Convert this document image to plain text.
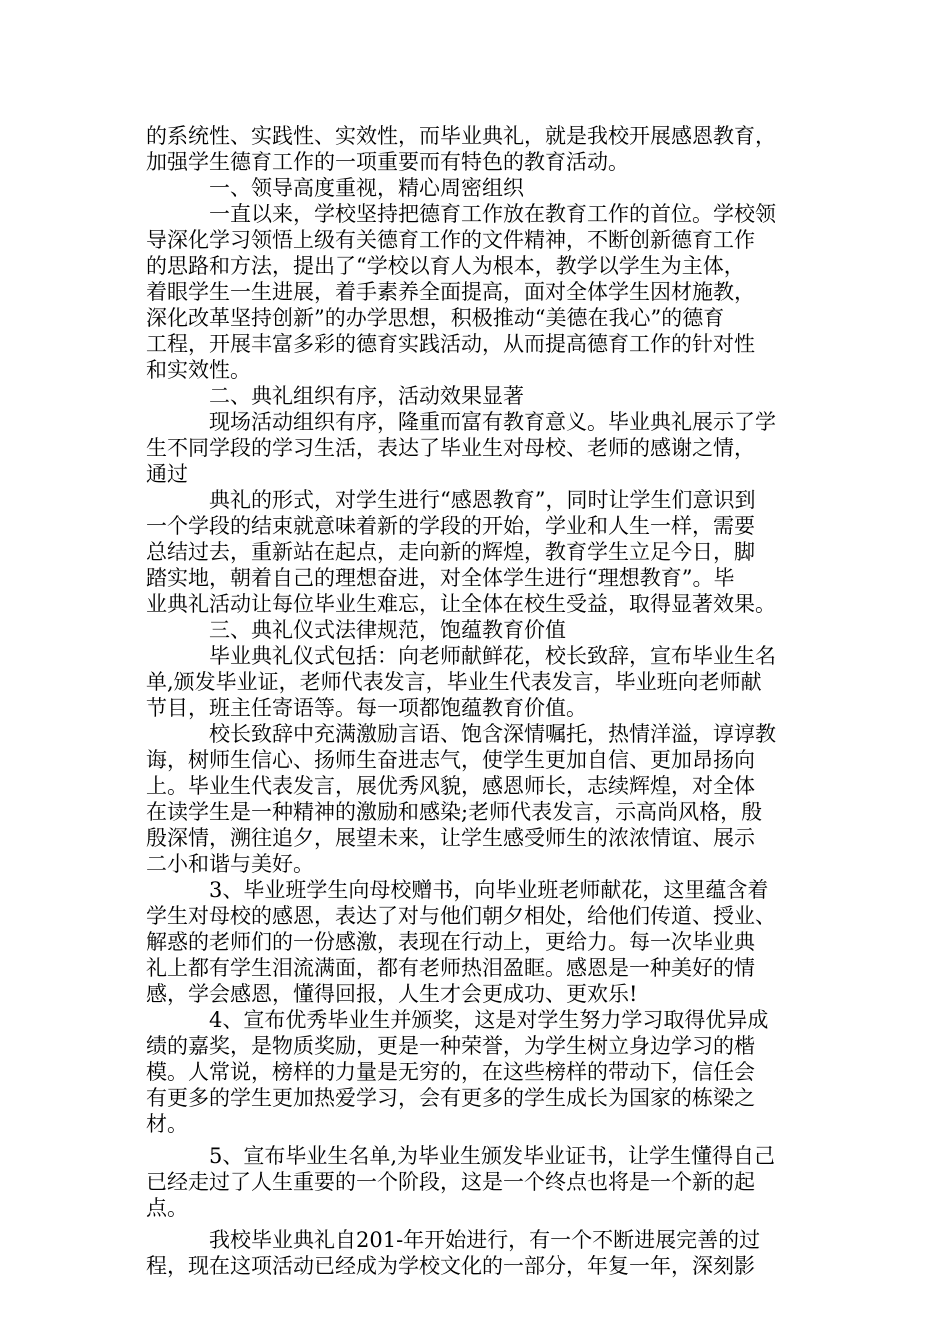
的系统性、实践性、实效性，而毕业典礼，就是我校开展感恩教育，
加强学生德育工作的一项重要而有特色的教育活动。
　　　一、领导高度重视，精心周密组织
　　　一直以来，学校坚持把德育工作放在教育工作的首位。学校领
导深化学习领悟上级有关德育工作的文件精神，不断创新德育工作
的思路和方法，提出了“学校以育人为根本，教学以学生为主体，
着眼学生一生进展，着手素养全面提高，面对全体学生因材施教，
深化改革坚持创新”的办学思想，积极推动“美德在我心”的德育
工程，开展丰富多彩的德育实践活动，从而提高德育工作的针对性
和实效性。
　　　二、典礼组织有序，活动效果显著
　　　现场活动组织有序，隆重而富有教育意义。毕业典礼展示了学
生不同学段的学习生活，表达了毕业生对母校、老师的感谢之情，
通过
　　　典礼的形式，对学生进行“感恩教育”，同时让学生们意识到
一个学段的结束就意味着新的学段的开始，学业和人生一样，需要
总结过去，重新站在起点，走向新的辉煌，教育学生立足今日，脚
踏实地，朝着自己的理想奋进，对全体学生进行“理想教育”。毕
业典礼活动让每位毕业生难忘，让全体在校生受益，取得显著效果。
　　　三、典礼仪式法律规范，饱蕴教育价值
　　　毕业典礼仪式包括：向老师献鲜花，校长致辞，宣布毕业生名
单,颁发毕业证，老师代表发言，毕业生代表发言，毕业班向老师献
节目，班主任寄语等。每一项都饱蕴教育价值。
　　　校长致辞中充满激励言语、饱含深情嘱托，热情洋溢，谆谆教
诲，树师生信心、扬师生奋进志气，使学生更加自信、更加昂扬向
上。毕业生代表发言，展优秀风貌，感恩师长，志续辉煌，对全体
在读学生是一种精神的激励和感染;老师代表发言，示高尚风格，殷
殷深情，溯往追夕，展望未来，让学生感受师生的浓浓情谊、展示
二小和谐与美好。
　　　3、毕业班学生向母校赠书，向毕业班老师献花，这里蕴含着
学生对母校的感恩，表达了对与他们朝夕相处，给他们传道、授业、
解惑的老师们的一份感激，表现在行动上，更给力。每一次毕业典
礼上都有学生泪流满面，都有老师热泪盈眶。感恩是一种美好的情
感，学会感恩，懂得回报，人生才会更成功、更欢乐!
　　　4、宣布优秀毕业生并颁奖，这是对学生努力学习取得优异成
绩的嘉奖，是物质奖励，更是一种荣誉，为学生树立身边学习的楷
模。人常说，榜样的力量是无穷的，在这些榜样的带动下，信任会
有更多的学生更加热爱学习，会有更多的学生成长为国家的栋梁之
材。
　　　5、宣布毕业生名单,为毕业生颁发毕业证书，让学生懂得自己
已经走过了人生重要的一个阶段，这是一个终点也将是一个新的起
点。
　　　我校毕业典礼自201-年开始进行，有一个不断进展完善的过
程，现在这项活动已经成为学校文化的一部分，年复一年，深刻影
